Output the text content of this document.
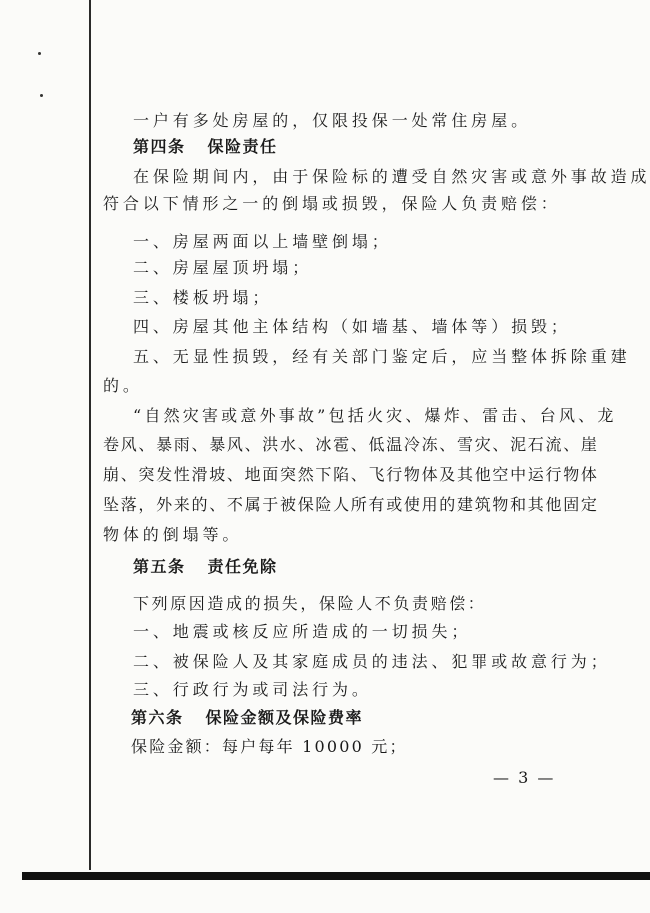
一户有多处房屋的，仅限投保一处常住房屋。
第四条 保险责任
在保险期间内，由于保险标的遭受自然灾害或意外事故造成
符合以下情形之一的倒塌或损毁，保险人负责赔偿：
一、房屋两面以上墙壁倒塌；
二、房屋屋顶坍塌；
三、楼板坍塌；
四、房屋其他主体结构（如墙基、墙体等）损毁；
五、无显性损毁，经有关部门鉴定后，应当整体拆除重建
的。
“自然灾害或意外事故”包括火灾、爆炸、雷击、台风、龙
卷风、暴雨、暴风、洪水、冰雹、低温冷冻、雪灾、泥石流、崖
崩、突发性滑坡、地面突然下陷、飞行物体及其他空中运行物体
坠落，外来的、不属于被保险人所有或使用的建筑物和其他固定
物体的倒塌等。
第五条 责任免除
下列原因造成的损失，保险人不负责赔偿：
一、地震或核反应所造成的一切损失；
二、被保险人及其家庭成员的违法、犯罪或故意行为；
三、行政行为或司法行为。
第六条 保险金额及保险费率
保险金额：每户每年 10000 元；
— 3 —
